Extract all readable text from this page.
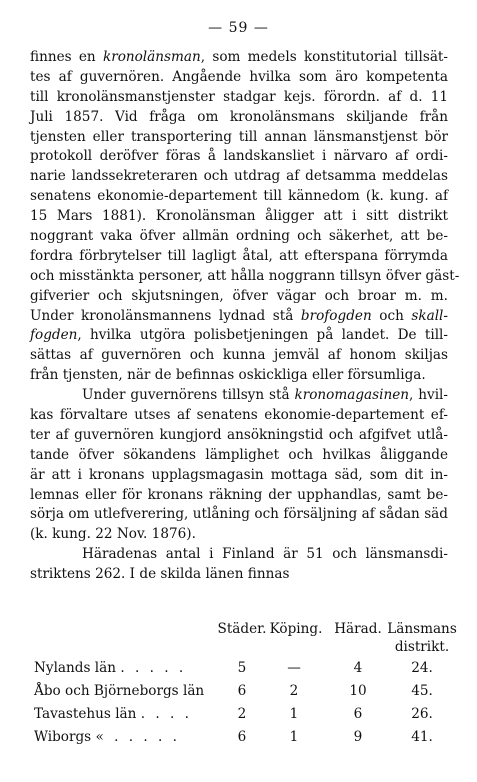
— 59 —
finnes en kronolänsman, som medels konstitutorial tillsät-
tes af guvernören. Angående hvilka som äro kompetenta
till kronolänsmanstjenster stadgar kejs. förordn. af d. 11
Juli 1857. Vid fråga om kronolänsmans skiljande från
tjensten eller transportering till annan länsmanstjenst bör
protokoll deröfver föras å landskansliet i närvaro af ordi-
narie landssekreteraren och utdrag af detsamma meddelas
senatens ekonomie-departement till kännedom (k. kung. af
15 Mars 1881). Kronolänsman åligger att i sitt distrikt
noggrant vaka öfver allmän ordning och säkerhet, att be-
fordra förbrytelser till lagligt åtal, att efterspana förrymda
och misstänkta personer, att hålla noggrann tillsyn öfver gäst-
gifverier och skjutsningen, öfver vägar och broar m. m.
Under kronolänsmannens lydnad stå brofogden och skall-
fogden, hvilka utgöra polisbetjeningen på landet. De till-
sättas af guvernören och kunna jemväl af honom skiljas
från tjensten, när de befinnas oskickliga eller försumliga.
Under guvernörens tillsyn stå kronomagasinen, hvil-
kas förvaltare utses af senatens ekonomie-departement ef-
ter af guvernören kungjord ansökningstid och afgifvet utlå-
tande öfver sökandens lämplighet och hvilkas åliggande
är att i kronans upplagsmagasin mottaga säd, som dit in-
lemnas eller för kronans räkning der upphandlas, samt be-
sörja om utlefverering, utlåning och försäljning af sådan säd
(k. kung. 22 Nov. 1876).
Häradenas antal i Finland är 51 och länsmansdi-
striktens 262. I de skilda länen finnas
Städer. Köping. Härad. Länsmans distrikt.
Nylands län . . . . .	5	—	4	24.
Åbo och Björneborgs län	6	2	10	45.
Tavastehus län . . . .	2	1	6	26.
Wiborgs « . . . . .	6	1	9	41.
